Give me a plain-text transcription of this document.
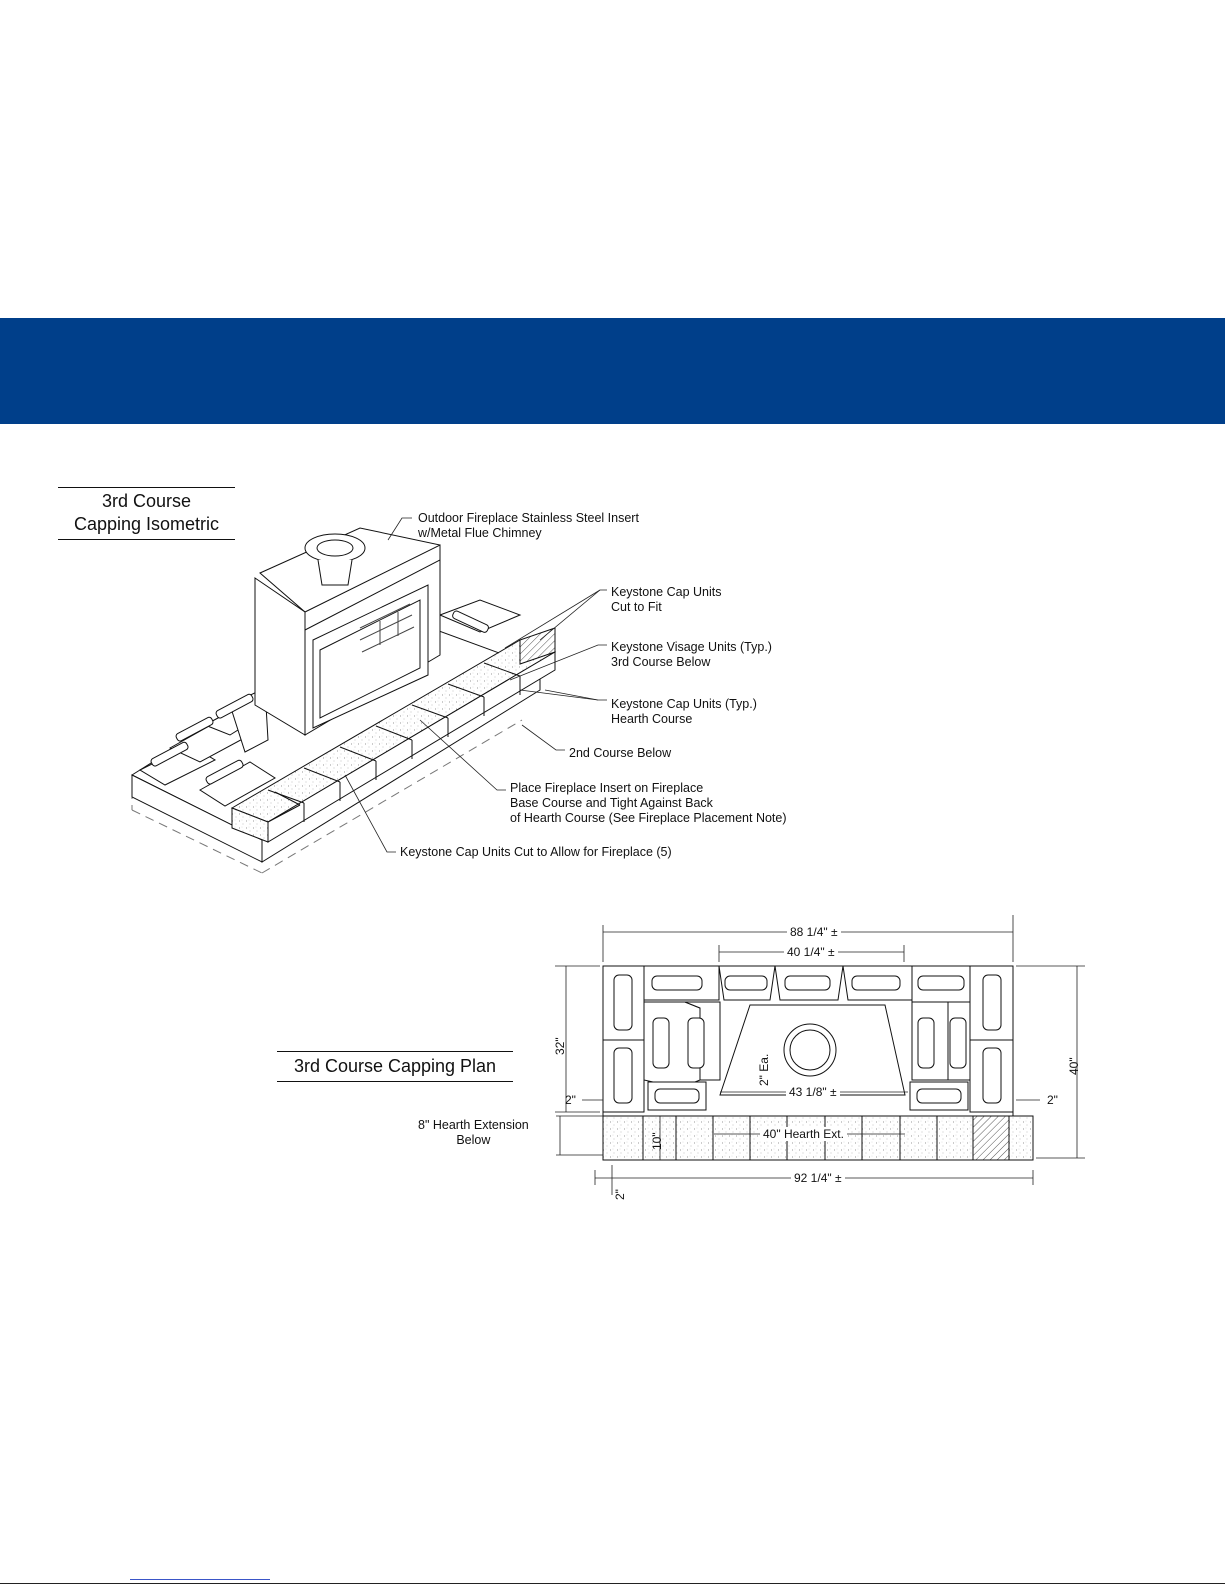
3rd Course
Capping Isometric	Outdoor Fireplace Stainless Steel Insert
w/Metal Flue Chimney
Keystone Cap Units
Cut to Fit
Keystone Visage Units (Typ.)
3rd Course Below
Keystone Cap Units (Typ.)
Hearth Course
2nd Course Below
Place Fireplace Insert on Fireplace
Base Course and Tight Against Back
of Hearth Course (See Fireplace Placement Note)
Keystone Cap Units Cut to Allow for Fireplace (5)
3rd Course Capping Plan
8" Hearth Extension
Below
88 1/4" ±
40 1/4" ±
32"
40"
2"	2"
2" Ea.
43 1/8" ±
40" Hearth Ext.
10"
92 1/4" ±
2"
